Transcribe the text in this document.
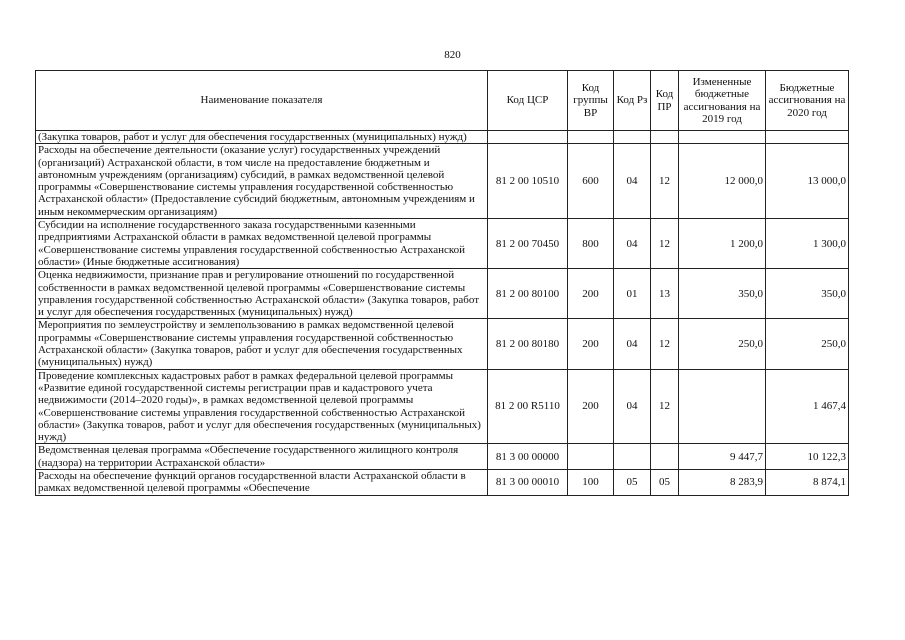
820
Наименование показателя	Код ЦСР	Код группы ВР	Код Рз	Код ПР	Измененные бюджетные ассигнования на 2019 год	Бюджетные ассигнования на 2020 год
(Закупка товаров, работ и услуг для обеспечения государственных (муниципальных) нужд)						
Расходы на обеспечение деятельности (оказание услуг) государственных учреждений (организаций) Астраханской области, в том числе на предоставление бюджетным и автономным учреждениям (организациям) субсидий, в рамках ведомственной целевой программы «Совершенствование системы управления государственной собственностью Астраханской области» (Предоставление субсидий бюджетным, автономным учреждениям и иным некоммерческим организациям)	81 2 00 10510	600	04	12	12 000,0	13 000,0
Субсидии на исполнение государственного заказа государственными казенными предприятиями Астраханской области в рамках ведомственной целевой программы «Совершенствование системы управления государственной собственностью Астраханской области» (Иные бюджетные ассигнования)	81 2 00 70450	800	04	12	1 200,0	1 300,0
Оценка недвижимости, признание прав и регулирование отношений по государственной собственности в рамках ведомственной целевой программы «Совершенствование системы управления государственной собственностью Астраханской области» (Закупка товаров, работ и услуг для обеспечения государственных (муниципальных) нужд)	81 2 00 80100	200	01	13	350,0	350,0
Мероприятия по землеустройству и землепользованию в рамках ведомственной целевой программы «Совершенствование системы управления государственной собственностью Астраханской области» (Закупка товаров, работ и услуг для обеспечения государственных (муниципальных) нужд)	81 2 00 80180	200	04	12	250,0	250,0
Проведение комплексных кадастровых работ в рамках федеральной целевой программы «Развитие единой государственной системы регистрации прав и кадастрового учета недвижимости (2014–2020 годы)», в рамках ведомственной целевой программы «Совершенствование системы управления государственной собственностью Астраханской области» (Закупка товаров, работ и услуг для обеспечения государственных (муниципальных) нужд)	81 2 00 R5110	200	04	12		1 467,4
Ведомственная целевая программа «Обеспечение государственного жилищного контроля (надзора) на территории Астраханской области»	81 3 00 00000				9 447,7	10 122,3
Расходы на обеспечение функций органов государственной власти Астраханской области в рамках ведомственной целевой программы «Обеспечение	81 3 00 00010	100	05	05	8 283,9	8 874,1
